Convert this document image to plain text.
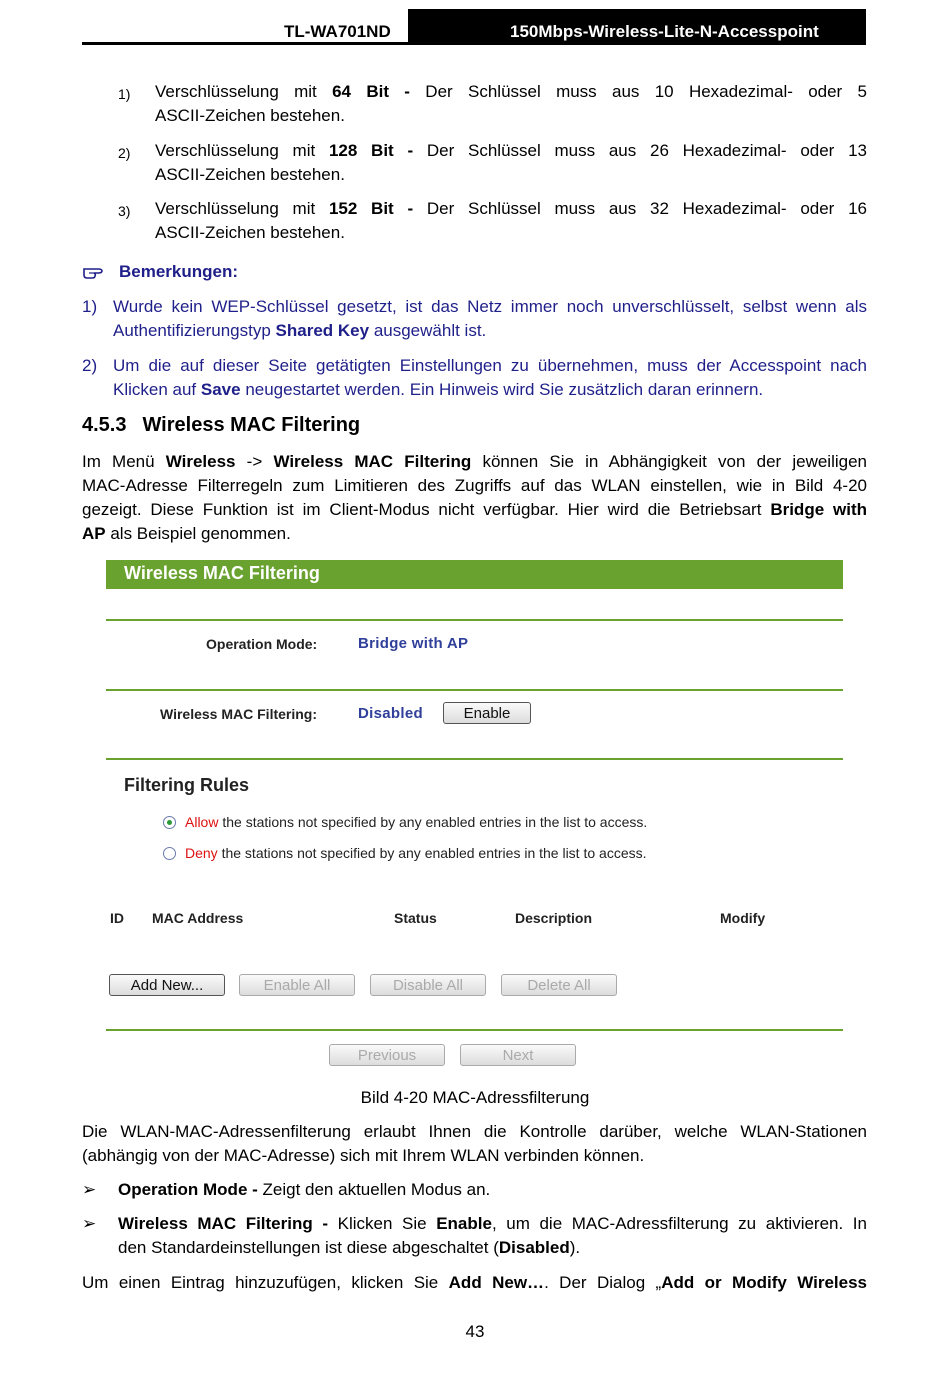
TL-WA701ND	150Mbps-Wireless-Lite-N-Accesspoint
1) Verschlüsselung mit 64 Bit - Der Schlüssel muss aus 10 Hexadezimal- oder 5
ASCII-Zeichen bestehen.
2) Verschlüsselung mit 128 Bit - Der Schlüssel muss aus 26 Hexadezimal- oder 13
ASCII-Zeichen bestehen.
3) Verschlüsselung mit 152 Bit - Der Schlüssel muss aus 32 Hexadezimal- oder 16
ASCII-Zeichen bestehen.
Bemerkungen:
1) Wurde kein WEP-Schlüssel gesetzt, ist das Netz immer noch unverschlüsselt, selbst wenn als
Authentifizierungstyp Shared Key ausgewählt ist.
2) Um die auf dieser Seite getätigten Einstellungen zu übernehmen, muss der Accesspoint nach
Klicken auf Save neugestartet werden. Ein Hinweis wird Sie zusätzlich daran erinnern.
4.5.3 Wireless MAC Filtering
Im Menü Wireless -> Wireless MAC Filtering können Sie in Abhängigkeit von der jeweiligen
MAC-Adresse Filterregeln zum Limitieren des Zugriffs auf das WLAN einstellen, wie in Bild 4-20
gezeigt. Diese Funktion ist im Client-Modus nicht verfügbar. Hier wird die Betriebsart Bridge with
AP als Beispiel genommen.
Wireless MAC Filtering
Operation Mode:	Bridge with AP
Wireless MAC Filtering:	Disabled	Enable
Filtering Rules
Allow the stations not specified by any enabled entries in the list to access.
Deny the stations not specified by any enabled entries in the list to access.
ID MAC Address	Status	Description	Modify
Add New...	Enable All	Disable All	Delete All
Previous	Next
Bild 4-20 MAC-Adressfilterung
Die WLAN-MAC-Adressenfilterung erlaubt Ihnen die Kontrolle darüber, welche WLAN-Stationen
(abhängig von der MAC-Adresse) sich mit Ihrem WLAN verbinden können.
➢ Operation Mode - Zeigt den aktuellen Modus an.
➢ Wireless MAC Filtering - Klicken Sie Enable, um die MAC-Adressfilterung zu aktivieren. In
den Standardeinstellungen ist diese abgeschaltet (Disabled).
Um einen Eintrag hinzuzufügen, klicken Sie Add New…. Der Dialog „Add or Modify Wireless
43
